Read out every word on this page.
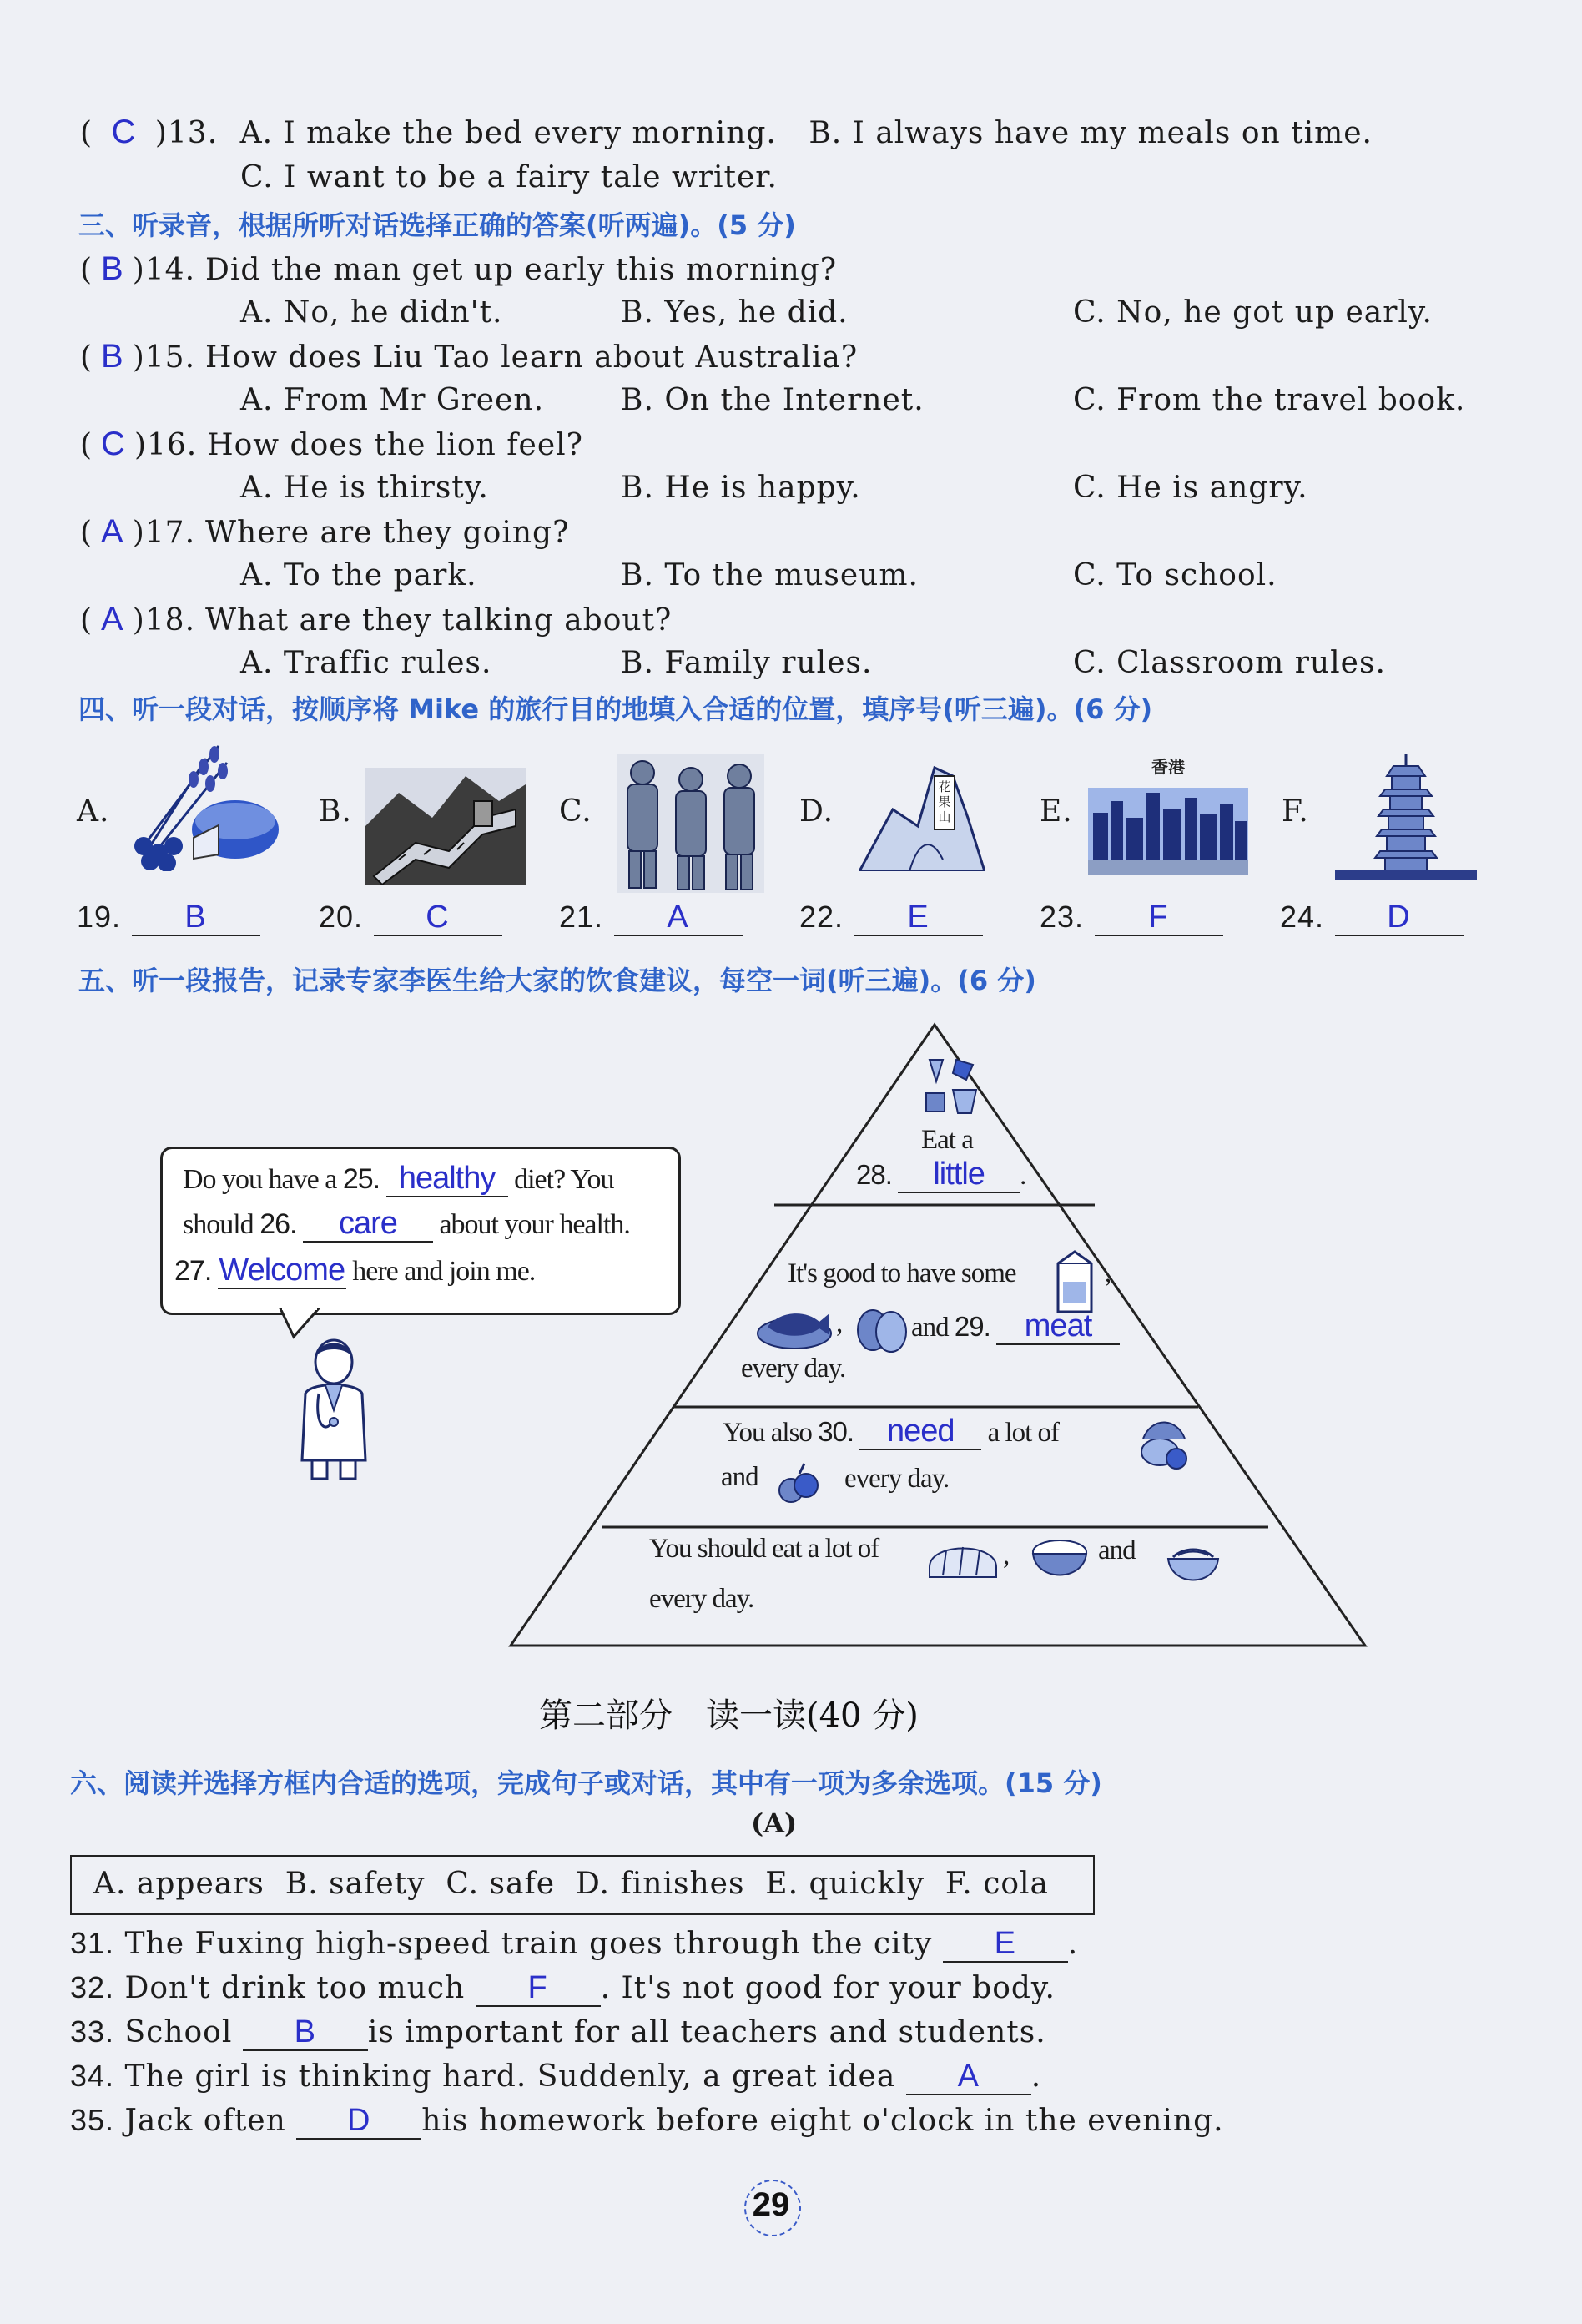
( C )13. A. I make the bed every morning. B. I always have my meals on time.
C. I want to be a fairy tale writer.
三、听录音，根据所听对话选择正确的答案(听两遍)。(5 分)
( B )14. Did the man get up early this morning?
A. No, he didn't.	B. Yes, he did.	C. No, he got up early.
( B )15. How does Liu Tao learn about Australia?
A. From Mr Green.	B. On the Internet.	C. From the travel book.
( C )16. How does the lion feel?
A. He is thirsty.	B. He is happy.	C. He is angry.
( A )17. Where are they going?
A. To the park.	B. To the museum.	C. To school.
( A )18. What are they talking about?
A. Traffic rules.	B. Family rules.	C. Classroom rules.
四、听一段对话，按顺序将 Mike 的旅行目的地填入合适的位置，填序号(听三遍)。(6 分)
A.	B.	C.	D.
花果山	E.
香港
F.
19. B	20. C	21. A	22. E	23. F	24. D
五、听一段报告，记录专家李医生给大家的饮食建议，每空一词(听三遍)。(6 分)
Do you have a 25. healthy diet? You
should 26. care about your health.
27. Welcome here and join me.
Eat a
28. little .
It's good to have some	,
,	and 29. meat
every day.
You also 30. need a lot of
and	every day.
You should eat a lot of	,	and
every day.
第二部分　读一读(40 分)
六、阅读并选择方框内合适的选项，完成句子或对话，其中有一项为多余选项。(15 分)
(A)
A. appears  B. safety  C. safe  D. finishes  E. quickly  F. cola
31. The Fuxing high-speed train goes through the city E .
32. Don't drink too much F . It's not good for your body.
33. School B is important for all teachers and students.
34. The girl is thinking hard. Suddenly, a great idea A .
35. Jack often D his homework before eight o'clock in the evening.
29
